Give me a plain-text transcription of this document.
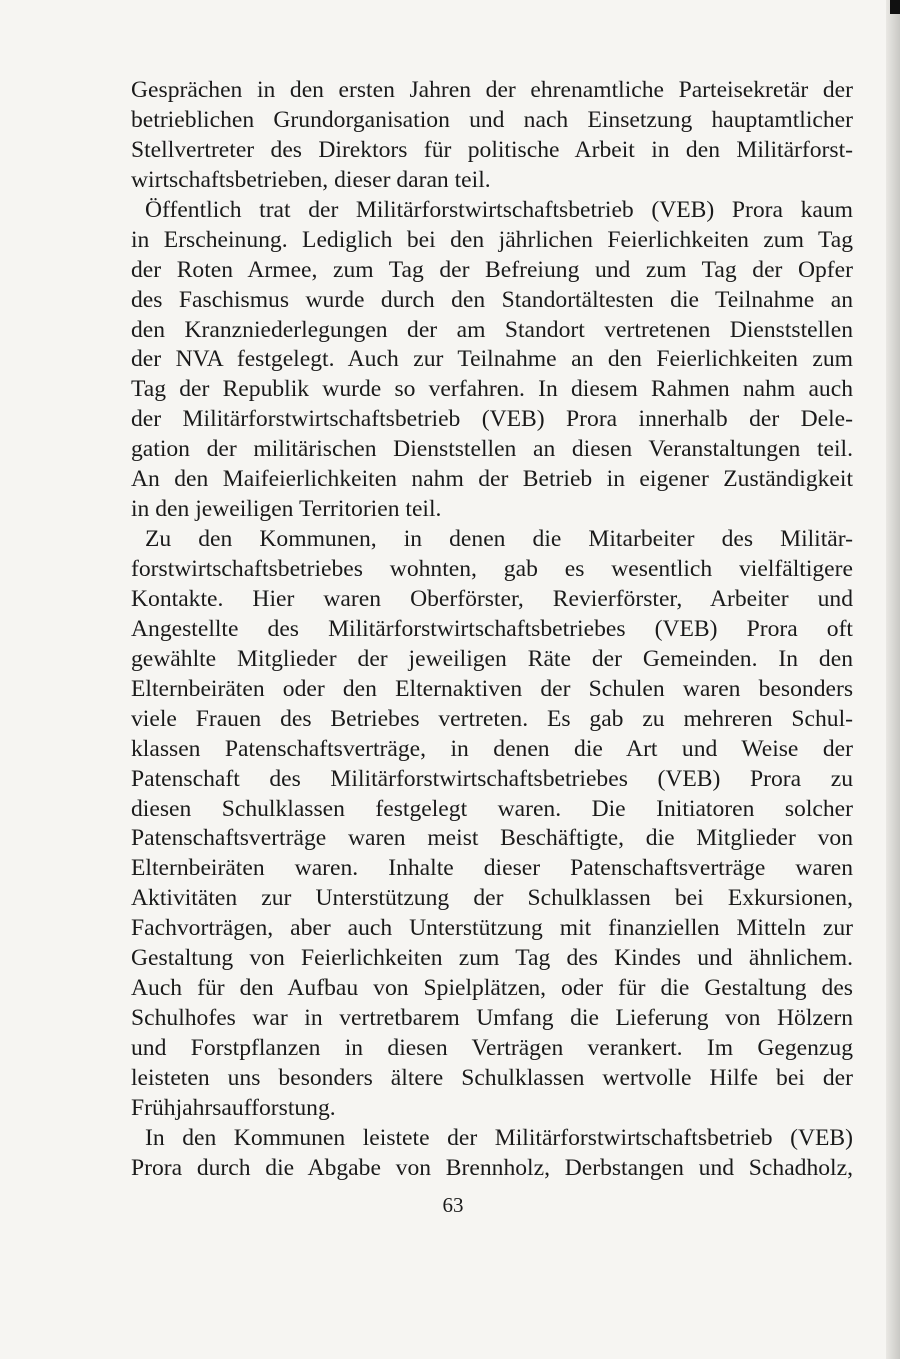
Gesprächen in den ersten Jahren der ehrenamtliche Parteisekretär der
betrieblichen Grundorganisation und nach Einsetzung hauptamtlicher
Stellvertreter des Direktors für politische Arbeit in den Militärforst-
wirtschaftsbetrieben, dieser daran teil.
Öffentlich trat der Militärforstwirtschaftsbetrieb (VEB) Prora kaum
in Erscheinung. Lediglich bei den jährlichen Feierlichkeiten zum Tag
der Roten Armee, zum Tag der Befreiung und zum Tag der Opfer
des Faschismus wurde durch den Standortältesten die Teilnahme an
den Kranzniederlegungen der am Standort vertretenen Dienststellen
der NVA festgelegt. Auch zur Teilnahme an den Feierlichkeiten zum
Tag der Republik wurde so verfahren. In diesem Rahmen nahm auch
der Militärforstwirtschaftsbetrieb (VEB) Prora innerhalb der Dele-
gation der militärischen Dienststellen an diesen Veranstaltungen teil.
An den Maifeierlichkeiten nahm der Betrieb in eigener Zuständigkeit
in den jeweiligen Territorien teil.
Zu den Kommunen, in denen die Mitarbeiter des Militär-
forstwirtschaftsbetriebes wohnten, gab es wesentlich vielfältigere
Kontakte. Hier waren Oberförster, Revierförster, Arbeiter und
Angestellte des Militärforstwirtschaftsbetriebes (VEB) Prora oft
gewählte Mitglieder der jeweiligen Räte der Gemeinden. In den
Elternbeiräten oder den Elternaktiven der Schulen waren besonders
viele Frauen des Betriebes vertreten. Es gab zu mehreren Schul-
klassen Patenschaftsverträge, in denen die Art und Weise der
Patenschaft des Militärforstwirtschaftsbetriebes (VEB) Prora zu
diesen Schulklassen festgelegt waren. Die Initiatoren solcher
Patenschaftsverträge waren meist Beschäftigte, die Mitglieder von
Elternbeiräten waren. Inhalte dieser Patenschaftsverträge waren
Aktivitäten zur Unterstützung der Schulklassen bei Exkursionen,
Fachvorträgen, aber auch Unterstützung mit finanziellen Mitteln zur
Gestaltung von Feierlichkeiten zum Tag des Kindes und ähnlichem.
Auch für den Aufbau von Spielplätzen, oder für die Gestaltung des
Schulhofes war in vertretbarem Umfang die Lieferung von Hölzern
und Forstpflanzen in diesen Verträgen verankert. Im Gegenzug
leisteten uns besonders ältere Schulklassen wertvolle Hilfe bei der
Frühjahrsaufforstung.
In den Kommunen leistete der Militärforstwirtschaftsbetrieb (VEB)
Prora durch die Abgabe von Brennholz, Derbstangen und Schadholz,
63
